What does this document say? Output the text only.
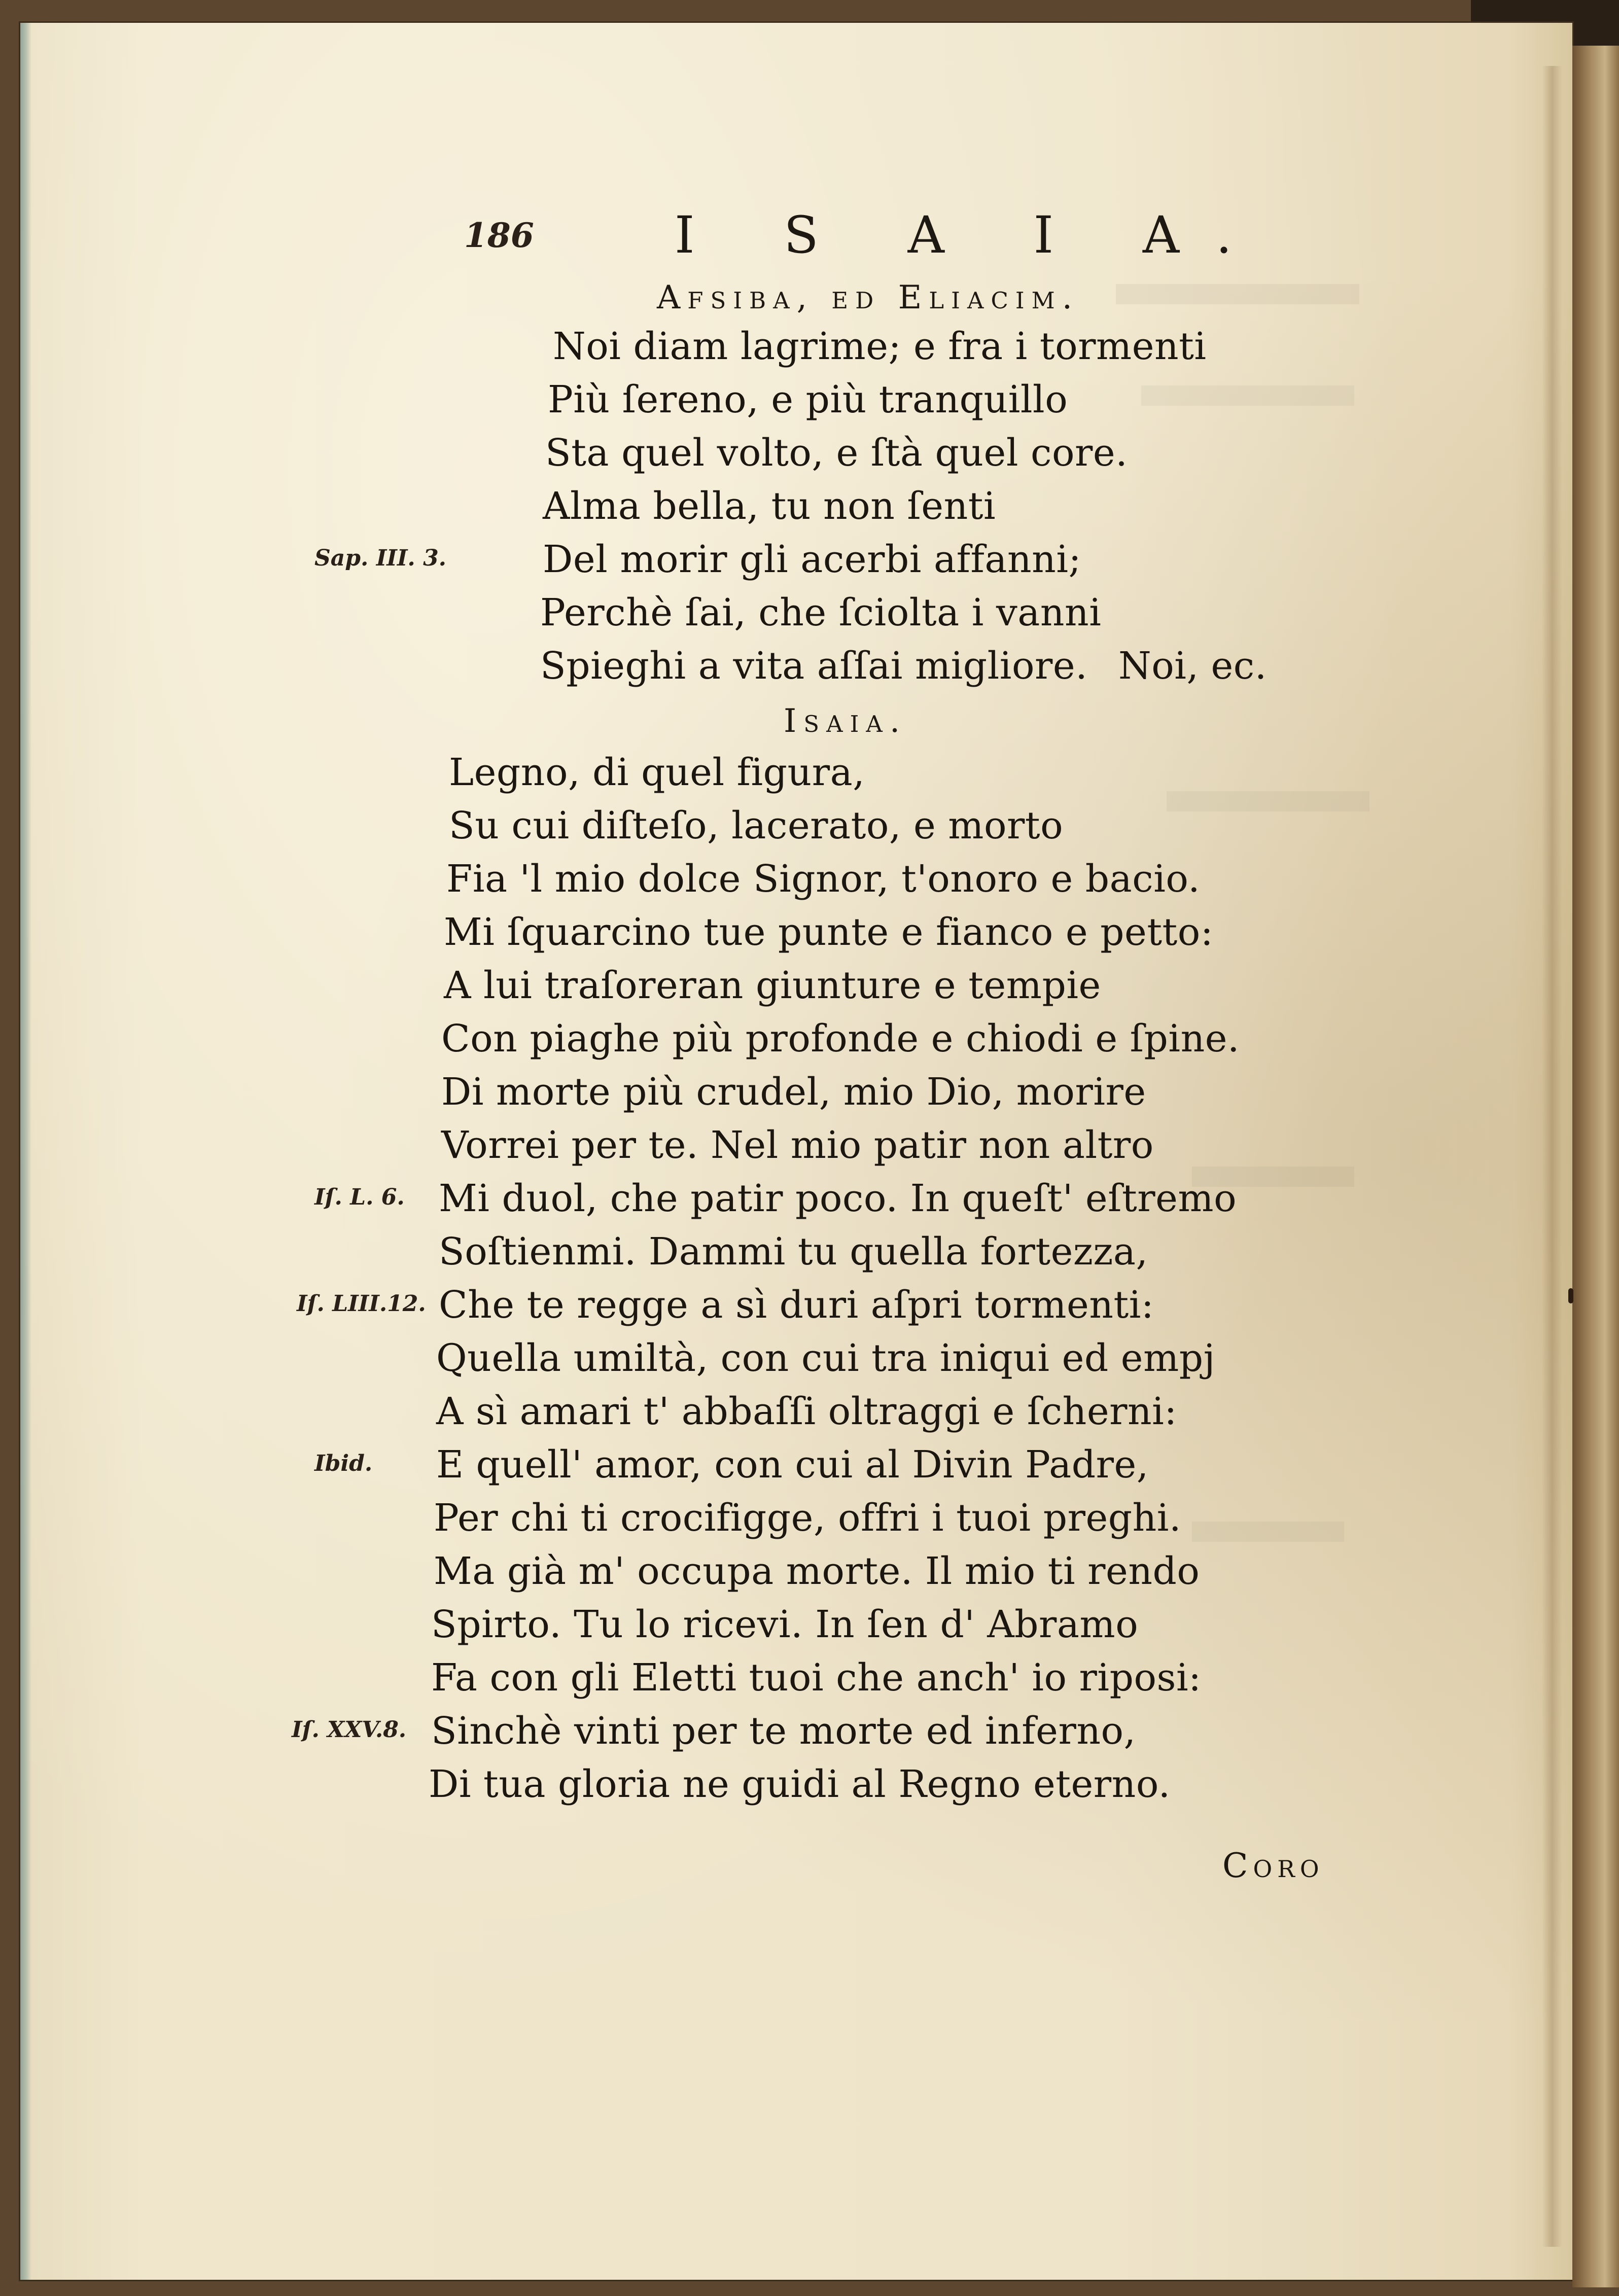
186	I S A I A.
Afsiba, ed Eliacim.
Noi diam lagrime; e fra i tormenti
Più ſereno, e più tranquillo
Sta quel volto, e ſtà quel core.
Alma bella, tu non ſenti
Del morir gli acerbi affanni;
Perchè ſai, che ſciolta i vanni
Spieghi a vita aſſai migliore. Noi, ec.
Isaia.
Legno, di quel figura,
Su cui diſteſo, lacerato, e morto
Fia 'l mio dolce Signor, t'onoro e bacio.
Mi ſquarcino tue punte e fianco e petto:
A lui traſoreran giunture e tempie
Con piaghe più profonde e chiodi e ſpine.
Di morte più crudel, mio Dio, morire
Vorrei per te. Nel mio patir non altro
Mi duol, che patir poco. In queſt' eſtremo
Soſtienmi. Dammi tu quella fortezza,
Che te regge a sì duri aſpri tormenti:
Quella umiltà, con cui tra iniqui ed empj
A sì amari t' abbaſſi oltraggi e ſcherni:
E quell' amor, con cui al Divin Padre,
Per chi ti crocifigge, offri i tuoi preghi.
Ma già m' occupa morte. Il mio ti rendo
Spirto. Tu lo ricevi. In ſen d' Abramo
Fa con gli Eletti tuoi che anch' io riposi:
Sinchè vinti per te morte ed inferno,
Di tua gloria ne guidi al Regno eterno.
Sap. III. 3.
Iſ. L. 6.
Iſ. LIII.12.
Ibid.
Iſ. XXV.8.
Coro
